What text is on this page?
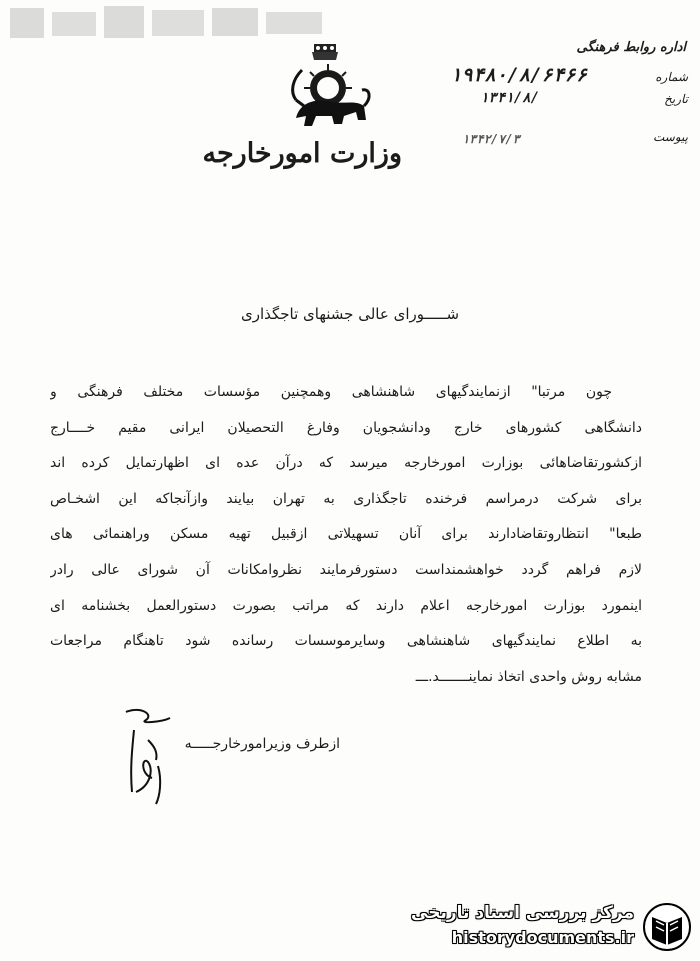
وزارت امورخارجه
اداره روابط فرهنگی
شماره
تاریخ
پیوست
۱۹۴۸۰/۸/۶۴۶۶
۱۳۴۱/۸/
۱۳۴۲/۷/۳
شـــــورای عالی جشنهای تاجگذاری
چون مرتبا" ازنمایندگیهای شاهنشاهی وهمچنین مؤسسات مختلف فرهنگی و
دانشگاهی کشورهای خارج ودانشجویان وفارغ التحصیلان ایرانی مقیم خــــارج
ازکشورتقاضاهائی بوزارت امورخارجه میرسد که درآن عده ای اظهارتمایل کرده اند
برای شرکت درمراسم فرخنده تاجگذاری به تهران بیایند وازآنجاکه این اشخـاص
طبعا" انتظاروتقاضادارند برای آنان تسهیلاتی ازقبیل تهیه مسکن وراهنمائی های
لازم فراهم گردد خواهشمنداست دستورفرمایند نظروامکانات آن شورای عالی رادر
اینمورد بوزارت امورخارجه اعلام دارند که مراتب بصورت دستورالعمل بخشنامه ای
به اطلاع نمایندگیهای شاهنشاهی وسایرموسسات رسانده شود تاهنگام مراجعات
مشابه روش واحدی اتخاذ نماینـــــــد.ـــ
ازطرف وزیرامورخارجـــــه
مرکز بررسی اسناد تاریخی
historydocuments.ir
